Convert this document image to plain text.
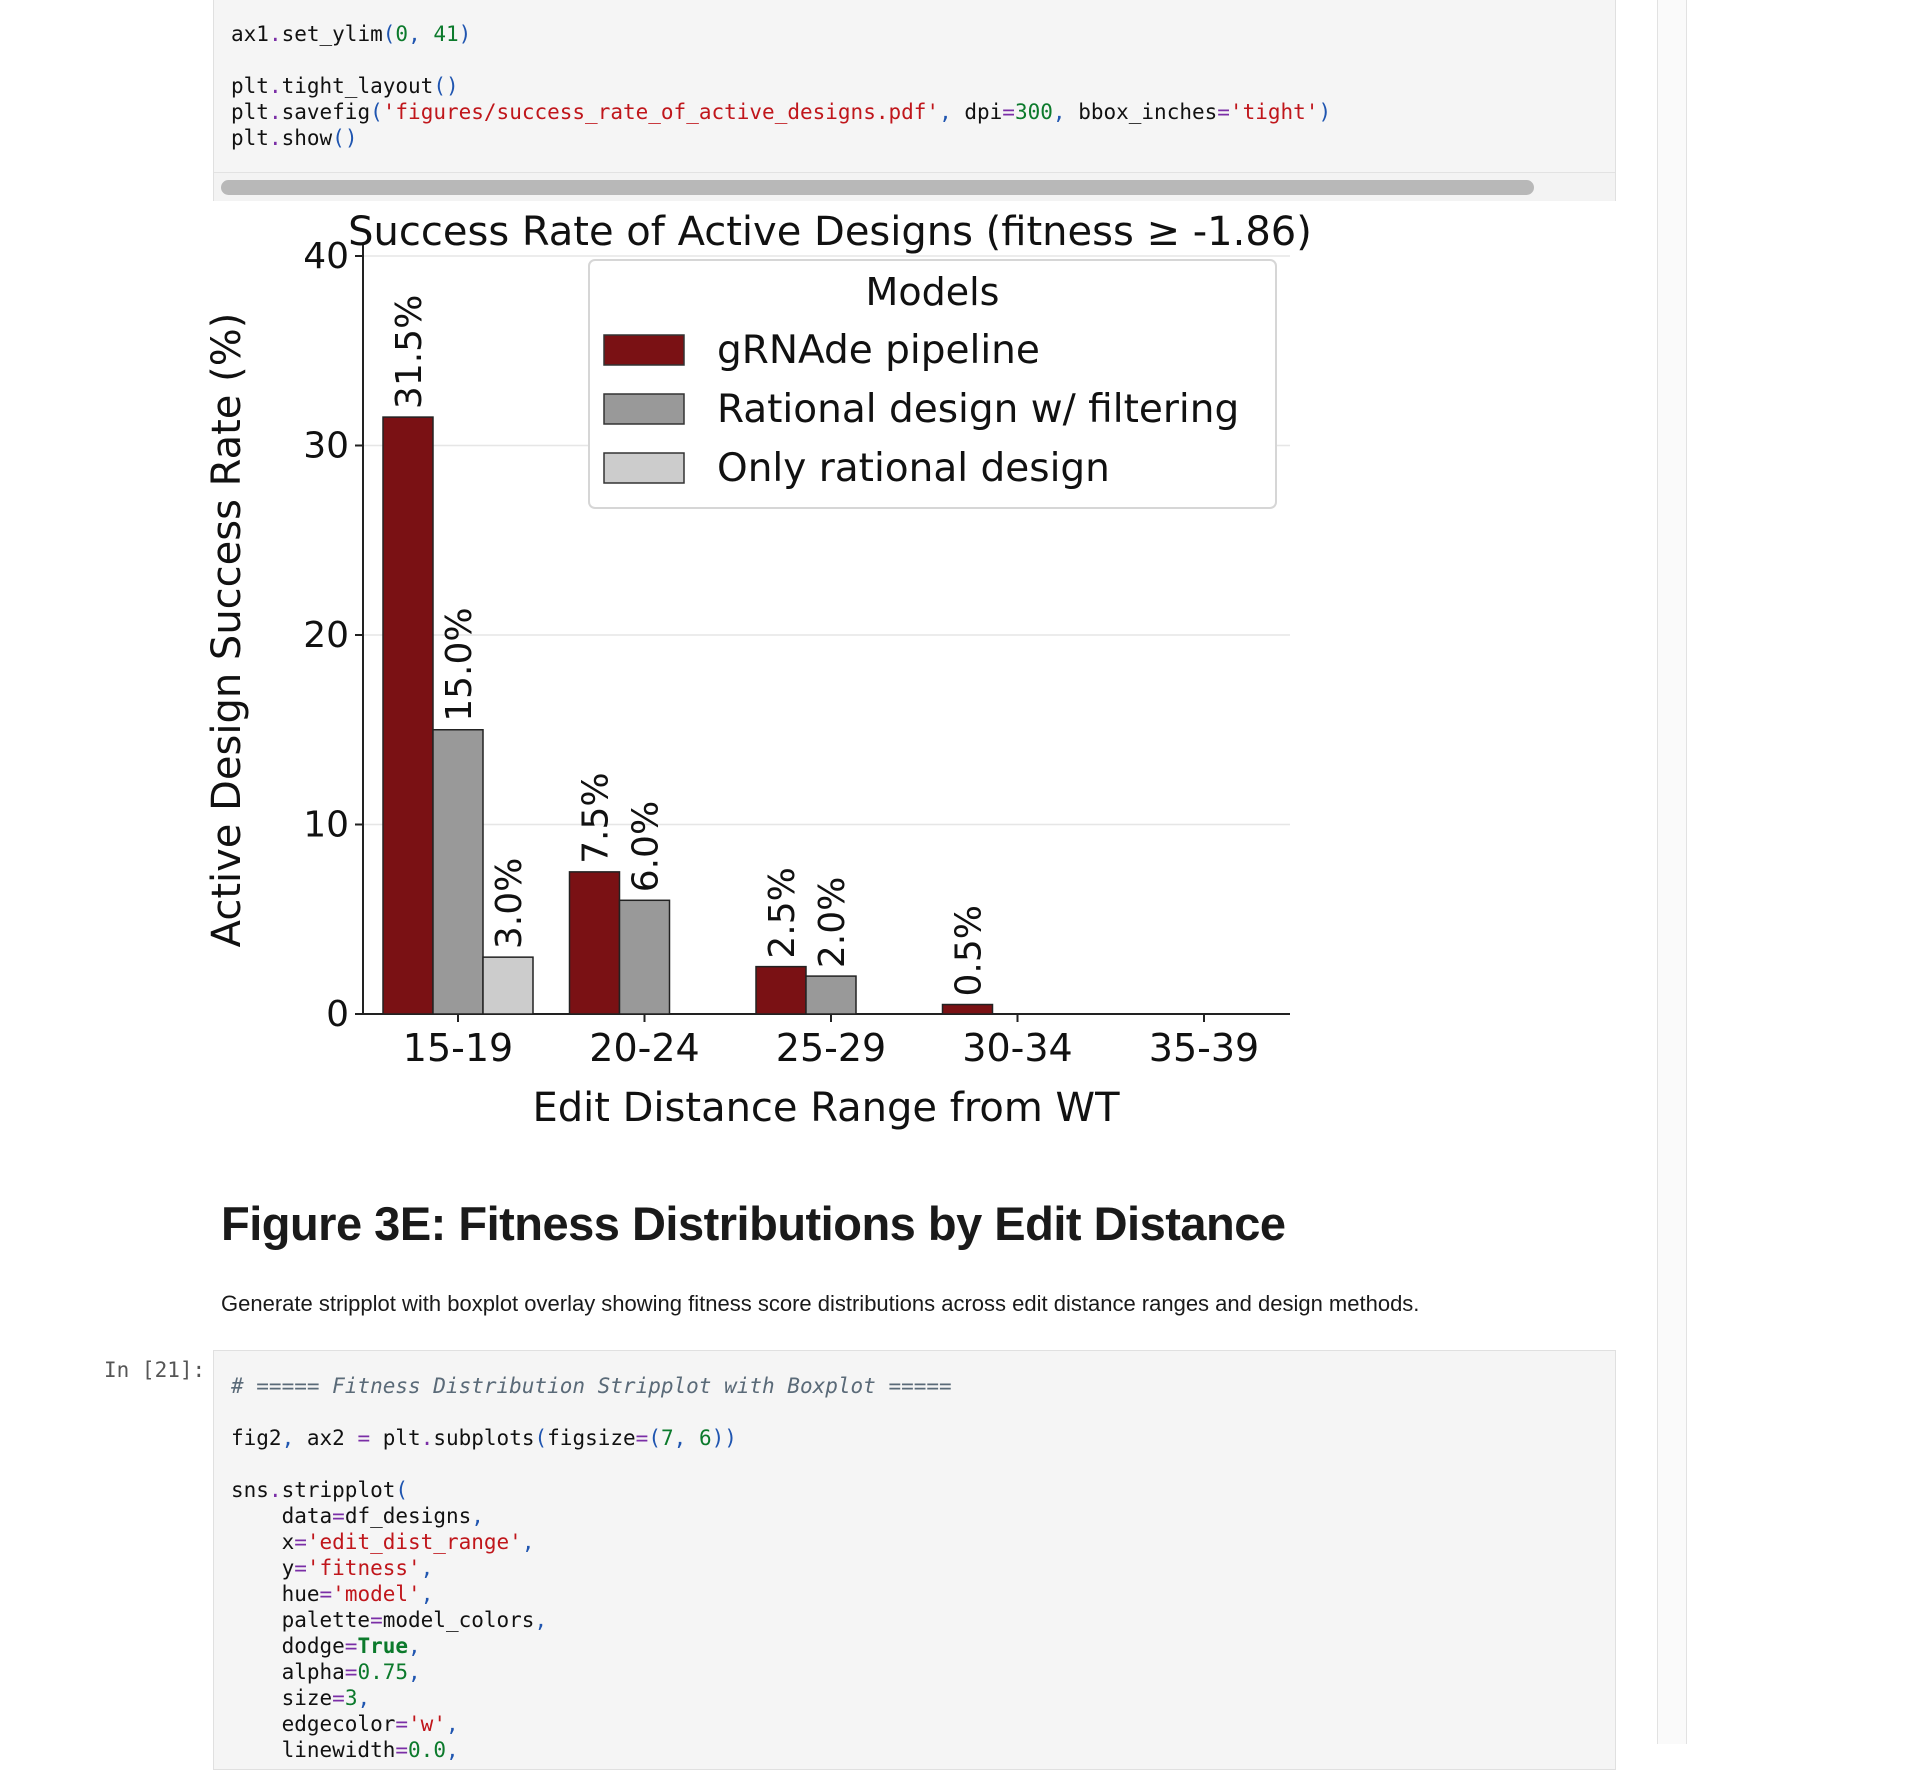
ax1.set_ylim(0, 41)

plt.tight_layout()
plt.savefig('figures/success_rate_of_active_designs.pdf', dpi=300, bbox_inches='tight')
plt.show()
0
10
20
30
40
15-19
31.5%
15.0%
3.0%
20-24
7.5% 6.0%
25-29
2.5% 2.0%
30-34
0.5%
35-39
Success Rate of Active Designs (fitness ≥ -1.86)
Edit Distance Range from WT
Active Design Success Rate (%)
Models
gRNAde pipeline
Rational design w/ filtering
Only rational design
Figure 3E: Fitness Distributions by Edit Distance

Generate stripplot with boxplot overlay showing fitness score distributions across edit distance ranges and design methods.

In [21]:
# ===== Fitness Distribution Stripplot with Boxplot =====

fig2, ax2 = plt.subplots(figsize=(7, 6))

sns.stripplot(
data=df_designs,
x='edit_dist_range',
y='fitness',
hue='model',
palette=model_colors,
dodge=True,
alpha=0.75,
size=3,
edgecolor='w',
linewidth=0.0,
